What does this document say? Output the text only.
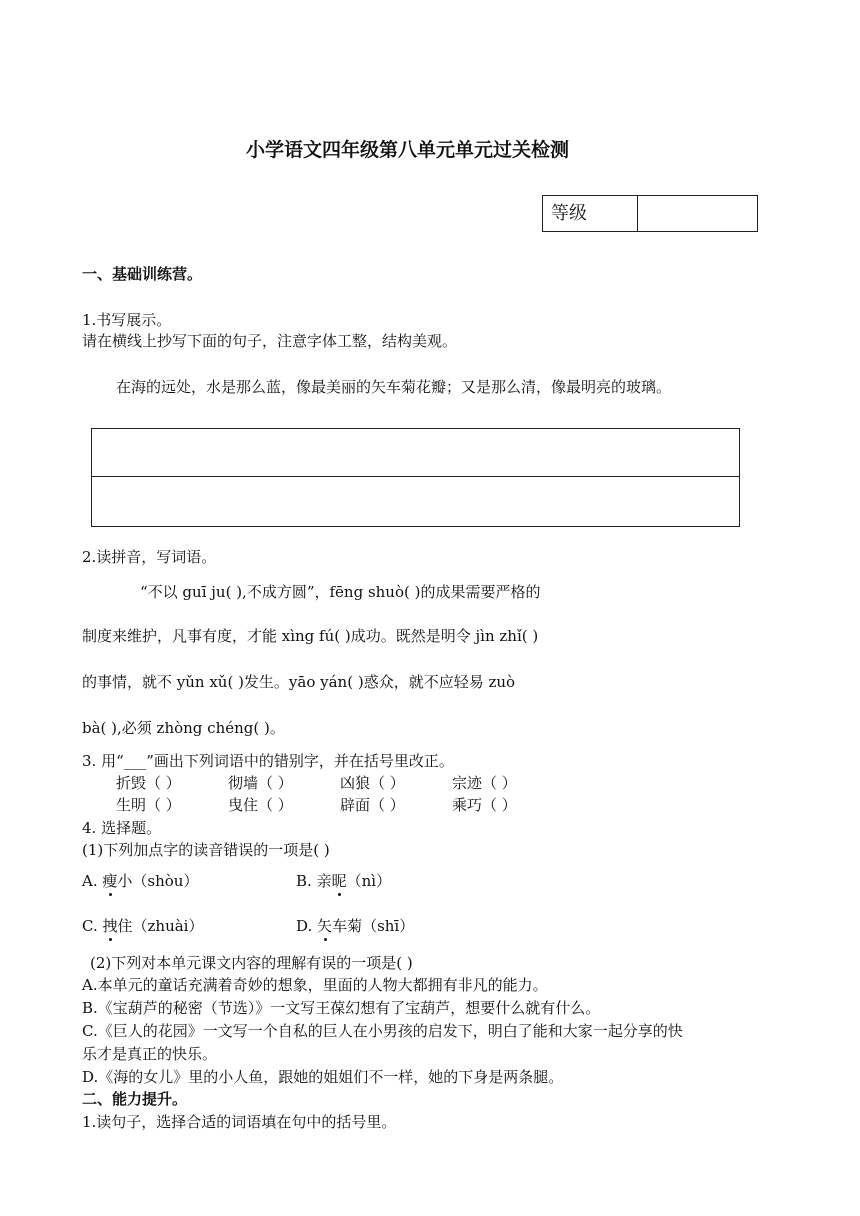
小学语文四年级第八单元单元过关检测
等级
一、基础训练营。
1.书写展示。
请在横线上抄写下面的句子，注意字体工整，结构美观。
在海的远处，水是那么蓝，像最美丽的矢车菊花瓣；又是那么清，像最明亮的玻璃。
2.读拼音，写词语。
“不以 guī ju( ),不成方圆”，fēng shuò( )的成果需要严格的
制度来维护，凡事有度，才能 xìng fú( )成功。既然是明令 jìn zhǐ( )
的事情，就不 yǔn xǔ( )发生。yāo yán( )惑众，就不应轻易 zuò
bà( ),必须 zhòng chéng( )。
3. 用“___”画出下列词语中的错别字，并在括号里改正。
折毁（ ）	彻墙（ ）	凶狼（ ）	宗迹（ ）
生明（ ）	曳住（ ）	辟面（ ）	乘巧（ ）
4. 选择题。
(1)下列加点字的读音错误的一项是( )
A. 瘦小（shòu）	B. 亲昵（nì）
C. 拽住（zhuài）	D. 矢车菊（shī）
(2)下列对本单元课文内容的理解有误的一项是( )
A.本单元的童话充满着奇妙的想象，里面的人物大都拥有非凡的能力。
B.《宝葫芦的秘密（节选）》一文写王葆幻想有了宝葫芦，想要什么就有什么。
C.《巨人的花园》一文写一个自私的巨人在小男孩的启发下，明白了能和大家一起分享的快
乐才是真正的快乐。
D.《海的女儿》里的小人鱼，跟她的姐姐们不一样，她的下身是两条腿。
二、能力提升。
1.读句子，选择合适的词语填在句中的括号里。
